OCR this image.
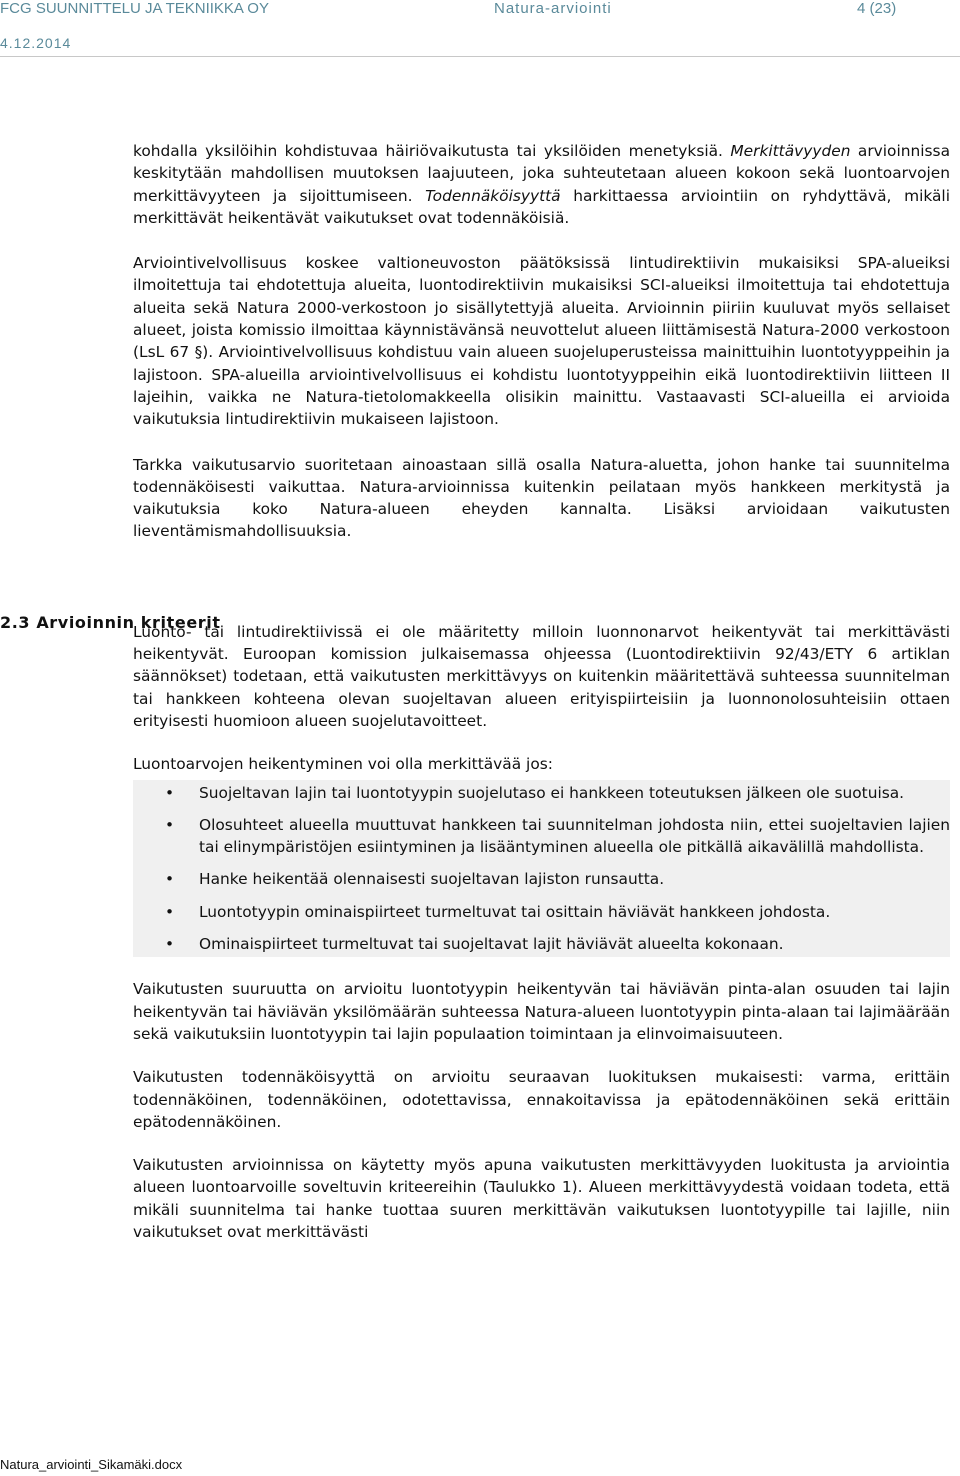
FCG SUUNNITTELU JA TEKNIIKKA OY	Natura-arviointi	4 (23)
4.12.2014
2.3 Arvioinnin kriteerit

kohdalla yksilöihin kohdistuvaa häiriövaikutusta tai yksilöiden menetyksiä. Merkittävyyden arvioinnissa keskitytään mahdollisen muutoksen laajuuteen, joka suhteutetaan alueen kokoon sekä luontoarvojen merkittävyyteen ja sijoittumiseen. Todennäköisyyttä harkittaessa arviointiin on ryhdyttävä, mikäli merkittävät heikentävät vaikutukset ovat todennäköisiä.

Arviointivelvollisuus koskee valtioneuvoston päätöksissä lintudirektiivin mukaisiksi SPA-alueiksi ilmoitettuja tai ehdotettuja alueita, luontodirektiivin mukaisiksi SCI-alueiksi ilmoitettuja tai ehdotettuja alueita sekä Natura 2000-verkostoon jo sisällytettyjä alueita. Arvioinnin piiriin kuuluvat myös sellaiset alueet, joista komissio ilmoittaa käynnistävänsä neuvottelut alueen liittämisestä Natura-2000 verkostoon (LsL 67 §). Arviointivelvollisuus kohdistuu vain alueen suojeluperusteissa mainittuihin luontotyyppeihin ja lajistoon. SPA-alueilla arviointivelvollisuus ei kohdistu luontotyyppeihin eikä luontodirektiivin liitteen II lajeihin, vaikka ne Natura-tietolomakkeella olisikin mainittu. Vastaavasti SCI-alueilla ei arvioida vaikutuksia lintudirektiivin mukaiseen lajistoon.

Tarkka vaikutusarvio suoritetaan ainoastaan sillä osalla Natura-aluetta, johon hanke tai suunnitelma todennäköisesti vaikuttaa. Natura-arvioinnissa kuitenkin peilataan myös hankkeen merkitystä ja vaikutuksia koko Natura-alueen eheyden kannalta. Lisäksi arvioidaan vaikutusten lieventämismahdollisuuksia.

Luonto- tai lintudirektiivissä ei ole määritetty milloin luonnonarvot heikentyvät tai merkittävästi heikentyvät. Euroopan komission julkaisemassa ohjeessa (Luontodirektiivin 92/43/ETY 6 artiklan säännökset) todetaan, että vaikutusten merkittävyys on kuitenkin määritettävä suhteessa suunnitelman tai hankkeen kohteena olevan suojeltavan alueen erityispiirteisiin ja luonnonolosuhteisiin ottaen erityisesti huomioon alueen suojelutavoitteet.

Luontoarvojen heikentyminen voi olla merkittävää jos:

• Suojeltavan lajin tai luontotyypin suojelutaso ei hankkeen toteutuksen jälkeen ole suotuisa.
• Olosuhteet alueella muuttuvat hankkeen tai suunnitelman johdosta niin, ettei suojeltavien lajien tai elinympäristöjen esiintyminen ja lisääntyminen alueella ole pitkällä aikavälillä mahdollista.
• Hanke heikentää olennaisesti suojeltavan lajiston runsautta.
• Luontotyypin ominaispiirteet turmeltuvat tai osittain häviävät hankkeen johdosta.
• Ominaispiirteet turmeltuvat tai suojeltavat lajit häviävät alueelta kokonaan.

Vaikutusten suuruutta on arvioitu luontotyypin heikentyvän tai häviävän pinta-alan osuuden tai lajin heikentyvän tai häviävän yksilömäärän suhteessa Natura-alueen luontotyypin pinta-alaan tai lajimäärään sekä vaikutuksiin luontotyypin tai lajin populaation toimintaan ja elinvoimaisuuteen.

Vaikutusten todennäköisyyttä on arvioitu seuraavan luokituksen mukaisesti: varma, erittäin todennäköinen, todennäköinen, odotettavissa, ennakoitavissa ja epätodennäköinen sekä erittäin epätodennäköinen.

Vaikutusten arvioinnissa on käytetty myös apuna vaikutusten merkittävyyden luokitusta ja arviointia alueen luontoarvoille soveltuvin kriteereihin (Taulukko 1). Alueen merkittävyydestä voidaan todeta, että mikäli suunnitelma tai hanke tuottaa suuren merkittävän vaikutuksen luontotyypille tai lajille, niin vaikutukset ovat merkittävästi

Natura_arviointi_Sikamäki.docx
